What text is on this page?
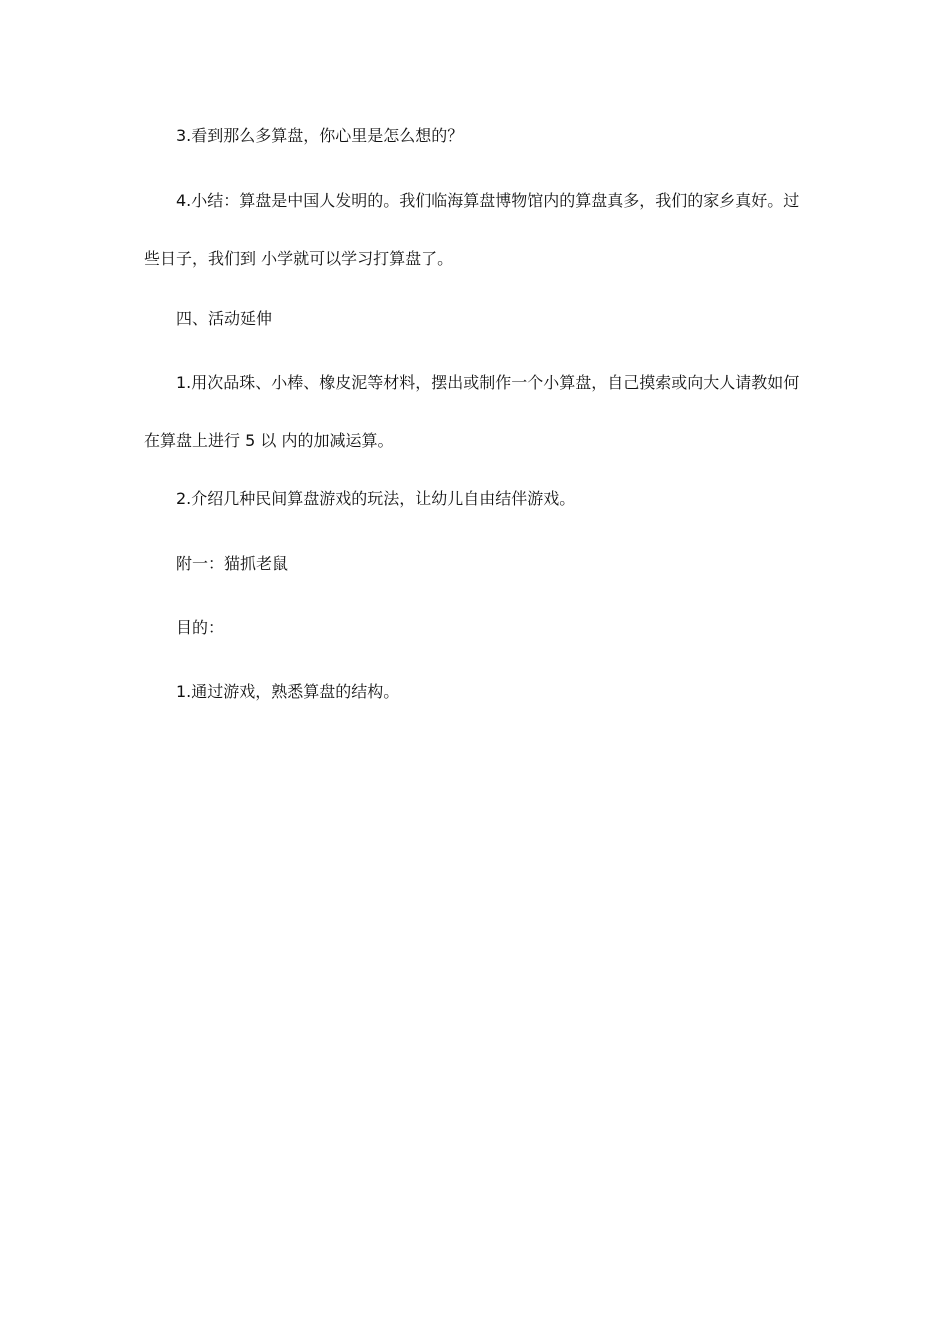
3.看到那么多算盘，你心里是怎么想的？

4.小结：算盘是中国人发明的。我们临海算盘博物馆内的算盘真多，我们的家乡真好。过
些日子，我们到 小学就可以学习打算盘了。

四、活动延伸

1.用次品珠、小棒、橡皮泥等材料，摆出或制作一个小算盘，自己摸索或向大人请教如何
在算盘上进行 5 以 内的加减运算。

2.介绍几种民间算盘游戏的玩法，让幼儿自由结伴游戏。

附一：猫抓老鼠

目的：

1.通过游戏，熟悉算盘的结构。
